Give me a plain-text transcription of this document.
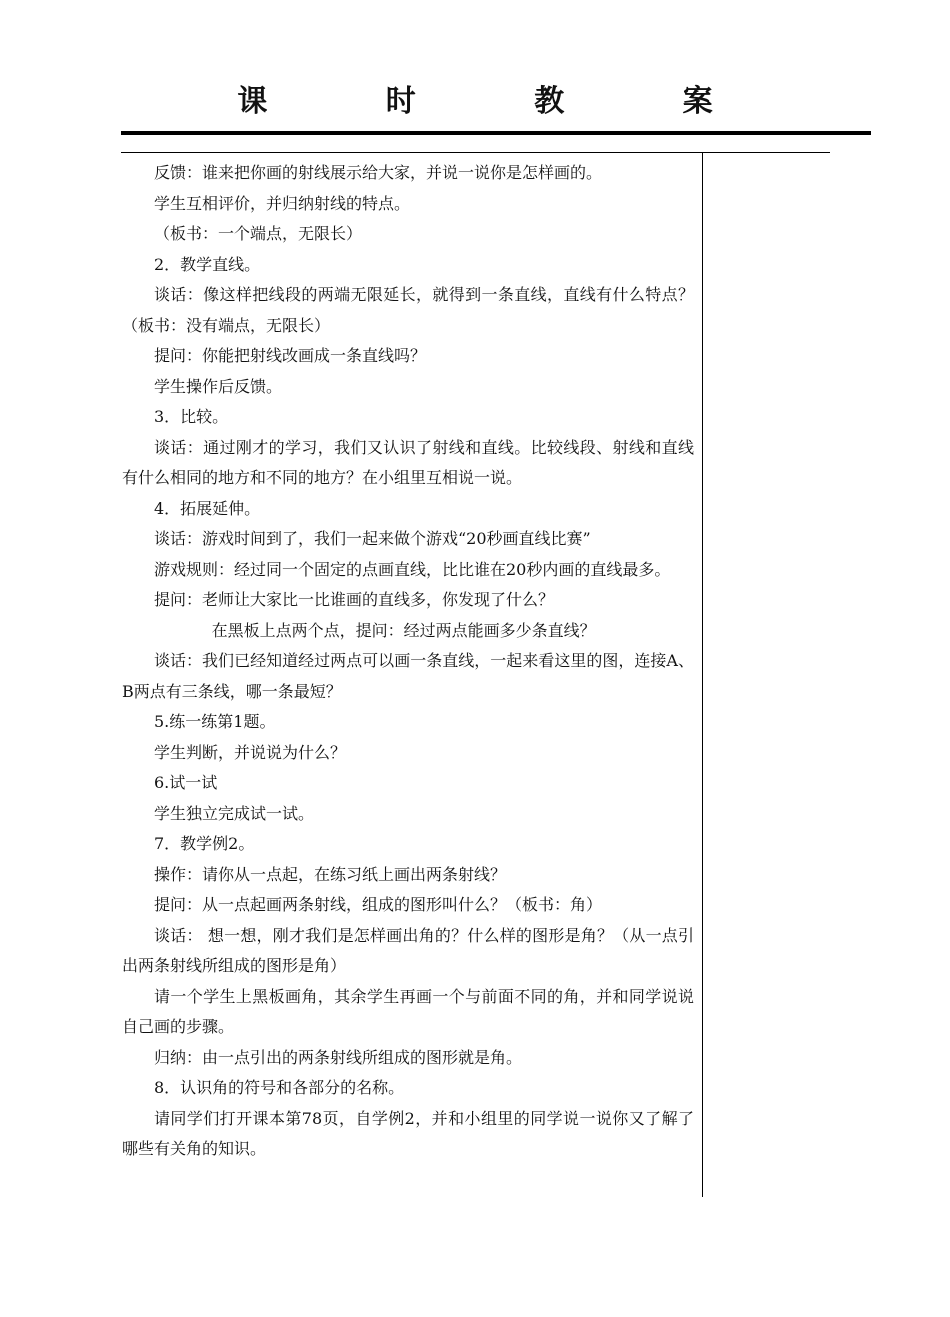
课 时 教 案

反馈：谁来把你画的射线展示给大家，并说一说你是怎样画的。

学生互相评价，并归纳射线的特点。

（板书：一个端点，无限长）

2．教学直线。

谈话：像这样把线段的两端无限延长，就得到一条直线，直线有什么特点？（板书：没有端点，无限长）

提问：你能把射线改画成一条直线吗？

学生操作后反馈。

3．比较。

谈话：通过刚才的学习，我们又认识了射线和直线。比较线段、射线和直线有什么相同的地方和不同的地方？在小组里互相说一说。

4．拓展延伸。

谈话：游戏时间到了，我们一起来做个游戏“20秒画直线比赛”

游戏规则：经过同一个固定的点画直线，比比谁在20秒内画的直线最多。

提问：老师让大家比一比谁画的直线多，你发现了什么？

在黑板上点两个点，提问：经过两点能画多少条直线？

谈话：我们已经知道经过两点可以画一条直线，一起来看这里的图，连接A、B两点有三条线，哪一条最短？

5.练一练第1题。

学生判断，并说说为什么？

6.试一试

学生独立完成试一试。

7．教学例2。

操作：请你从一点起，在练习纸上画出两条射线？

提问：从一点起画两条射线，组成的图形叫什么？（板书：角）

谈话： 想一想，刚才我们是怎样画出角的？什么样的图形是角？（从一点引出两条射线所组成的图形是角）

请一个学生上黑板画角，其余学生再画一个与前面不同的角，并和同学说说自己画的步骤。

归纳：由一点引出的两条射线所组成的图形就是角。

8．认识角的符号和各部分的名称。

请同学们打开课本第78页，自学例2，并和小组里的同学说一说你又了解了哪些有关角的知识。
